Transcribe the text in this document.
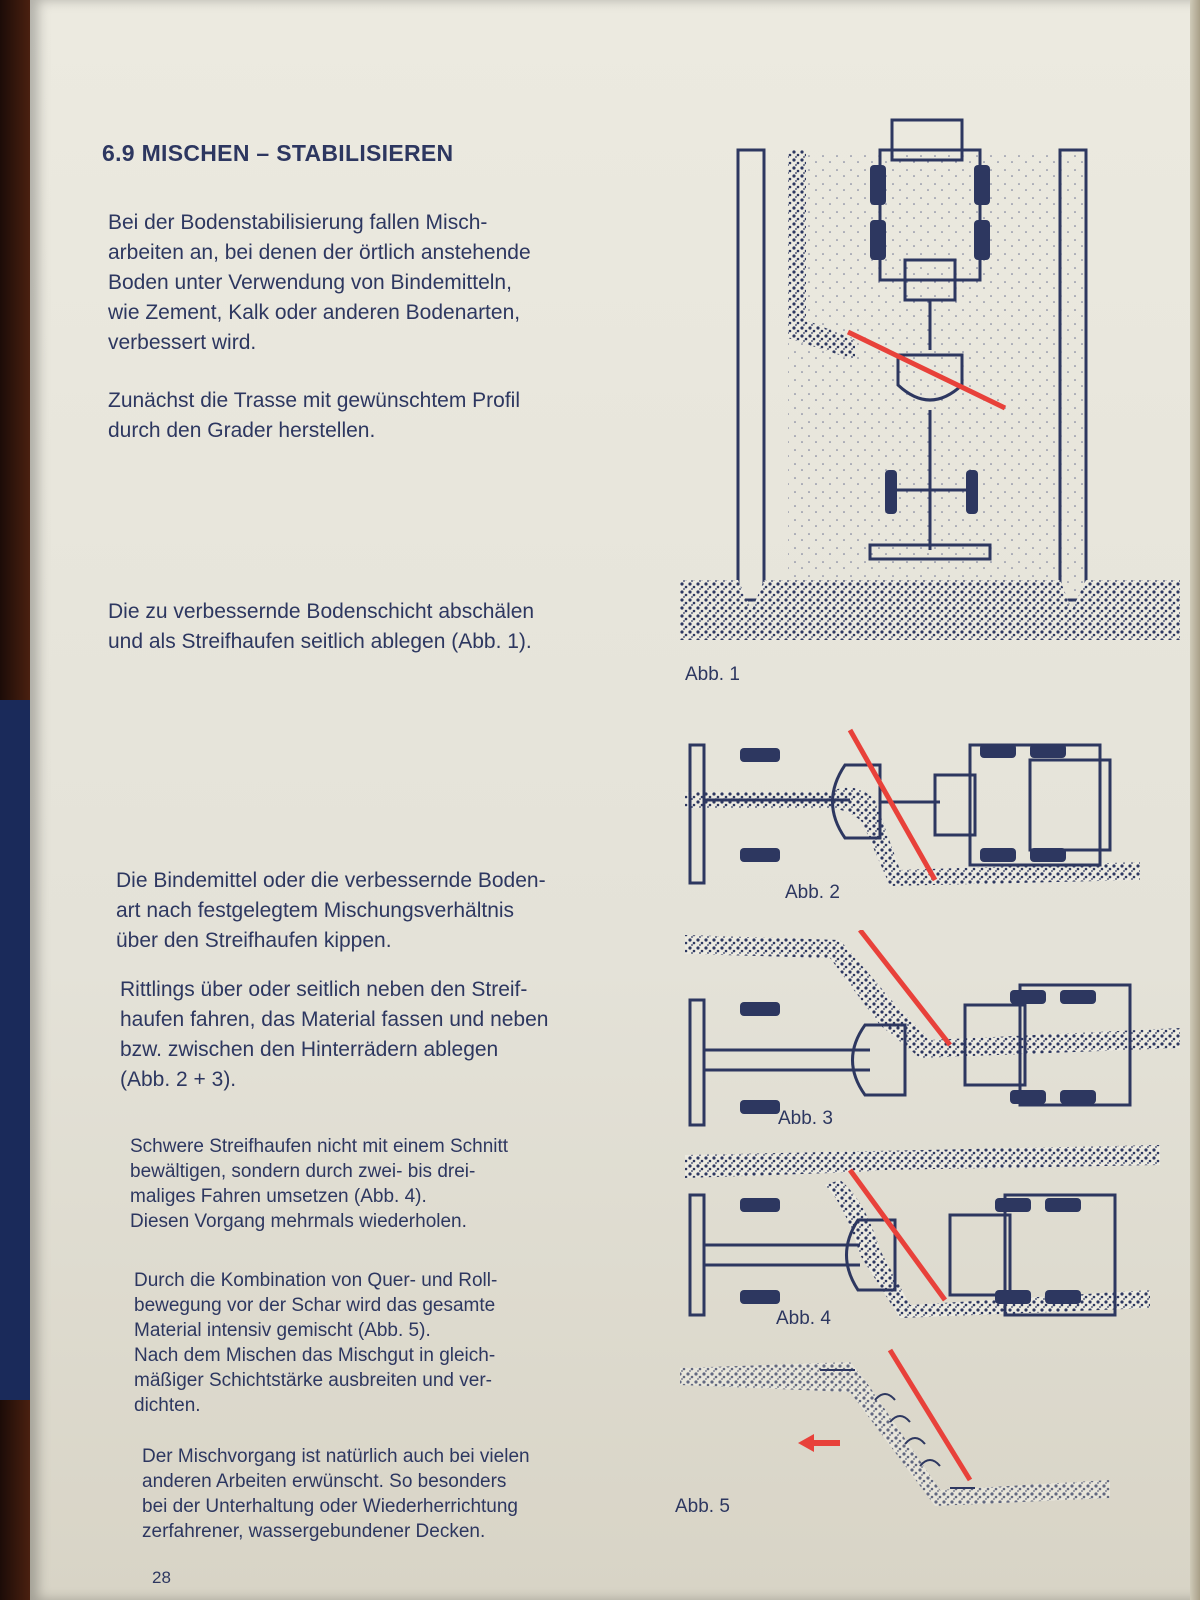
6.9 MISCHEN – STABILISIEREN

Bei der Bodenstabilisierung fallen Misch-
arbeiten an, bei denen der örtlich anstehende
Boden unter Verwendung von Bindemitteln,
wie Zement, Kalk oder anderen Bodenarten,
verbessert wird.

Zunächst die Trasse mit gewünschtem Profil
durch den Grader herstellen.

Die zu verbessernde Bodenschicht abschälen
und als Streifhaufen seitlich ablegen (Abb. 1).

Die Bindemittel oder die verbessernde Boden-
art nach festgelegtem Mischungsverhältnis
über den Streifhaufen kippen.

Rittlings über oder seitlich neben den Streif-
haufen fahren, das Material fassen und neben
bzw. zwischen den Hinterrädern ablegen
(Abb. 2 + 3).

Schwere Streifhaufen nicht mit einem Schnitt
bewältigen, sondern durch zwei- bis drei-
maliges Fahren umsetzen (Abb. 4).
Diesen Vorgang mehrmals wiederholen.

Durch die Kombination von Quer- und Roll-
bewegung vor der Schar wird das gesamte
Material intensiv gemischt (Abb. 5).
Nach dem Mischen das Mischgut in gleich-
mäßiger Schichtstärke ausbreiten und ver-
dichten.

Der Mischvorgang ist natürlich auch bei vielen
anderen Arbeiten erwünscht. So besonders
bei der Unterhaltung oder Wiederherrichtung
zerfahrener, wassergebundener Decken.

28
Abb. 1
Abb. 2
Abb. 3
Abb. 4
Abb. 5
